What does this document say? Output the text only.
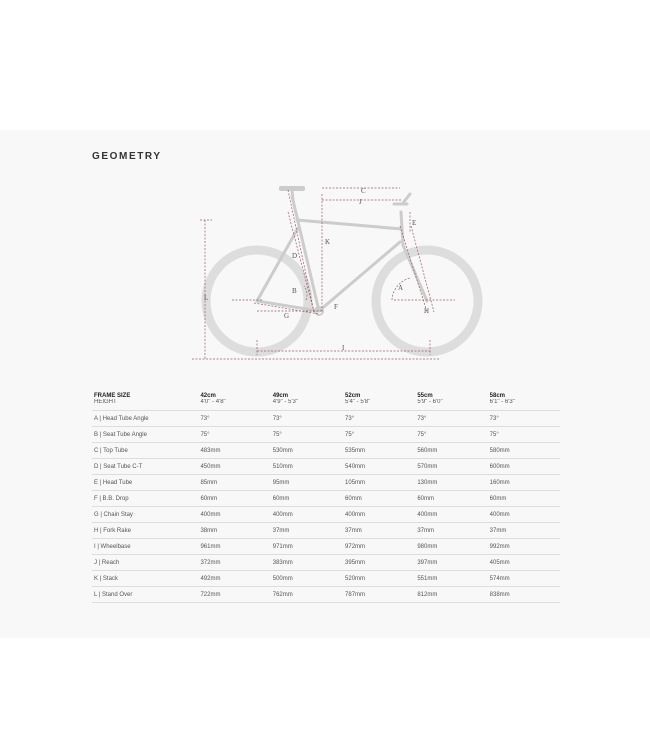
GEOMETRY
A
B
C
D
E
F
G
H
I
J
K
L
FRAME SIZE	42cm	49cm	52cm	55cm	58cm
HEIGHT	4'0" - 4'8"	4'9" - 5'3"	5'4" - 5'8"	5'9" - 6'0"	6'1" - 6'3"
A | Head Tube Angle	73°	73°	73°	73°	73°
B | Seat Tube Angle	75°	75°	75°	75°	75°
C | Top Tube	483mm	530mm	535mm	560mm	580mm
D | Seat Tube C-T	450mm	510mm	540mm	570mm	600mm
E | Head Tube	85mm	95mm	105mm	130mm	160mm
F | B.B. Drop	60mm	60mm	60mm	60mm	60mm
G | Chain Stay	400mm	400mm	400mm	400mm	400mm
H | Fork Rake	38mm	37mm	37mm	37mm	37mm
I | Wheelbase	961mm	971mm	972mm	980mm	992mm
J | Reach	372mm	383mm	395mm	397mm	405mm
K | Stack	492mm	500mm	520mm	551mm	574mm
L | Stand Over	722mm	762mm	787mm	812mm	838mm
